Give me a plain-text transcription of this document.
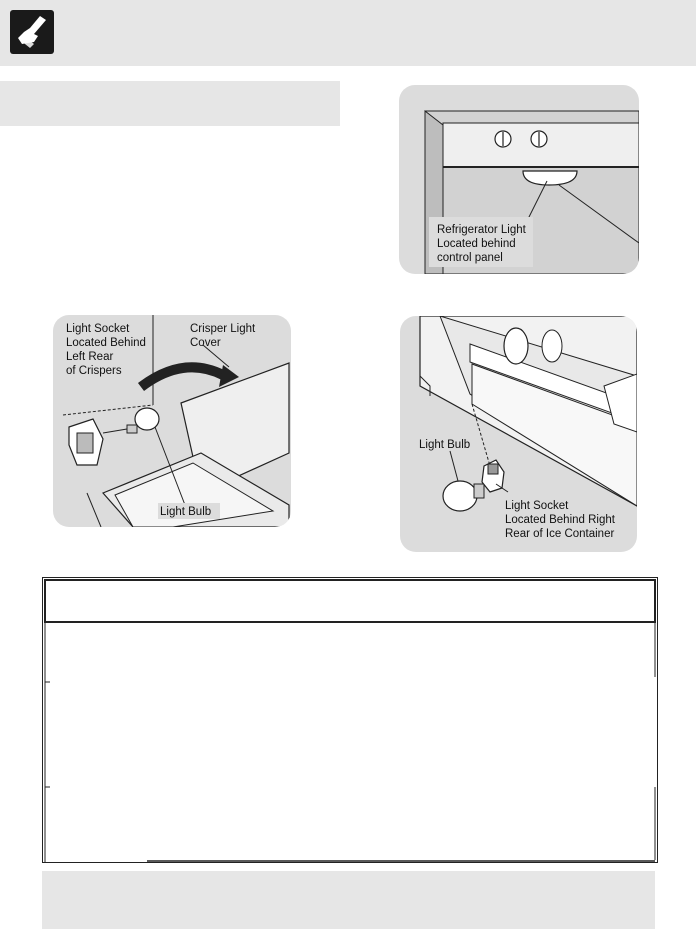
Refrigerator Light
Located behind
control panel
Light Socket
Located Behind
Left Rear
of Crispers
Crisper Light
Cover
Light Bulb
Light Bulb
Light Socket
Located Behind Right
Rear of Ice Container
